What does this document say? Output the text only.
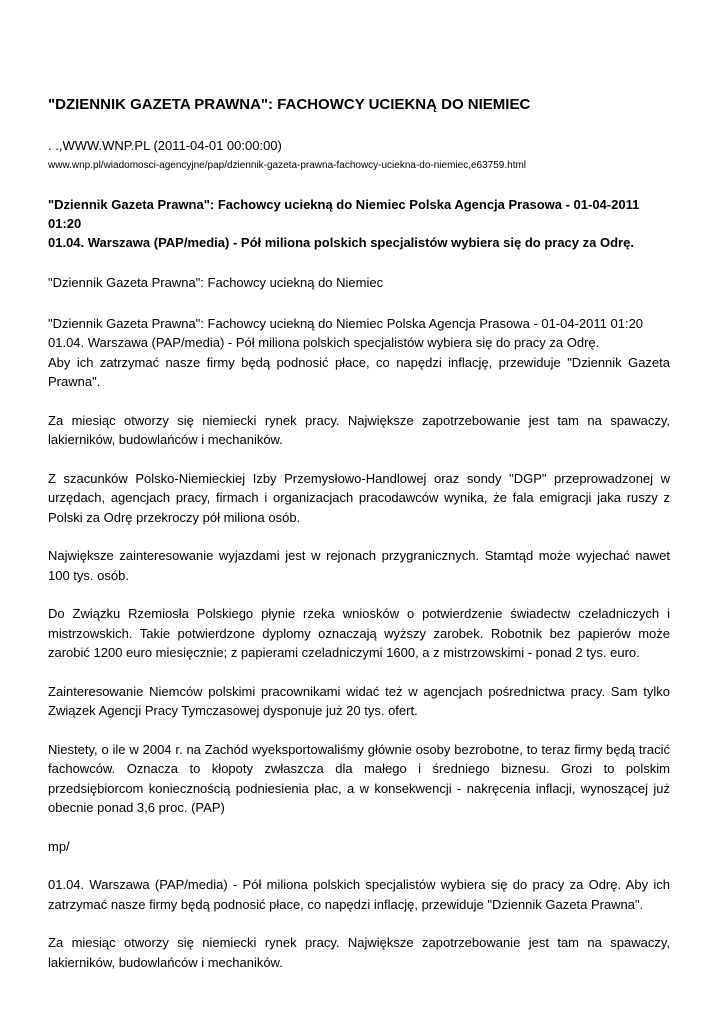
"DZIENNIK GAZETA PRAWNA": FACHOWCY UCIEKNĄ DO NIEMIEC

. .,WWW.WNP.PL (2011-04-01 00:00:00)

www.wnp.pl/wiadomosci-agencyjne/pap/dziennik-gazeta-prawna-fachowcy-uciekna-do-niemiec,e63759.html

"Dziennik Gazeta Prawna": Fachowcy uciekną do Niemiec Polska Agencja Prasowa - 01-04-2011 01:20
01.04. Warszawa (PAP/media) - Pół miliona polskich specjalistów wybiera się do pracy za Odrę.

"Dziennik Gazeta Prawna": Fachowcy uciekną do Niemiec

"Dziennik Gazeta Prawna": Fachowcy uciekną do Niemiec Polska Agencja Prasowa - 01-04-2011 01:20
01.04. Warszawa (PAP/media) - Pół miliona polskich specjalistów wybiera się do pracy za Odrę.
Aby ich zatrzymać nasze firmy będą podnosić płace, co napędzi inflację, przewiduje "Dziennik Gazeta Prawna".

Za miesiąc otworzy się niemiecki rynek pracy. Największe zapotrzebowanie jest tam na spawaczy, lakierników, budowlańców i mechaników.

Z szacunków Polsko-Niemieckiej Izby Przemysłowo-Handlowej oraz sondy "DGP" przeprowadzonej w urzędach, agencjach pracy, firmach i organizacjach pracodawców wynika, że fala emigracji jaka ruszy z Polski za Odrę przekroczy pół miliona osób.

Największe zainteresowanie wyjazdami jest w rejonach przygranicznych. Stamtąd może wyjechać nawet 100 tys. osób.

Do Związku Rzemiosła Polskiego płynie rzeka wniosków o potwierdzenie świadectw czeladniczych i mistrzowskich. Takie potwierdzone dyplomy oznaczają wyższy zarobek. Robotnik bez papierów może zarobić 1200 euro miesięcznie; z papierami czeladniczymi 1600, a z mistrzowskimi - ponad 2 tys. euro.

Zainteresowanie Niemców polskimi pracownikami widać też w agencjach pośrednictwa pracy. Sam tylko Związek Agencji Pracy Tymczasowej dysponuje już 20 tys. ofert.

Niestety, o ile w 2004 r. na Zachód wyeksportowaliśmy głównie osoby bezrobotne, to teraz firmy będą tracić fachowców. Oznacza to kłopoty zwłaszcza dla małego i średniego biznesu. Grozi to polskim przedsiębiorcom koniecznością podniesienia płac, a w konsekwencji - nakręcenia inflacji, wynoszącej już obecnie ponad 3,6 proc. (PAP)

mp/

01.04. Warszawa (PAP/media) - Pół miliona polskich specjalistów wybiera się do pracy za Odrę. Aby ich zatrzymać nasze firmy będą podnosić płace, co napędzi inflację, przewiduje "Dziennik Gazeta Prawna".

Za miesiąc otworzy się niemiecki rynek pracy. Największe zapotrzebowanie jest tam na spawaczy, lakierników, budowlańców i mechaników.
